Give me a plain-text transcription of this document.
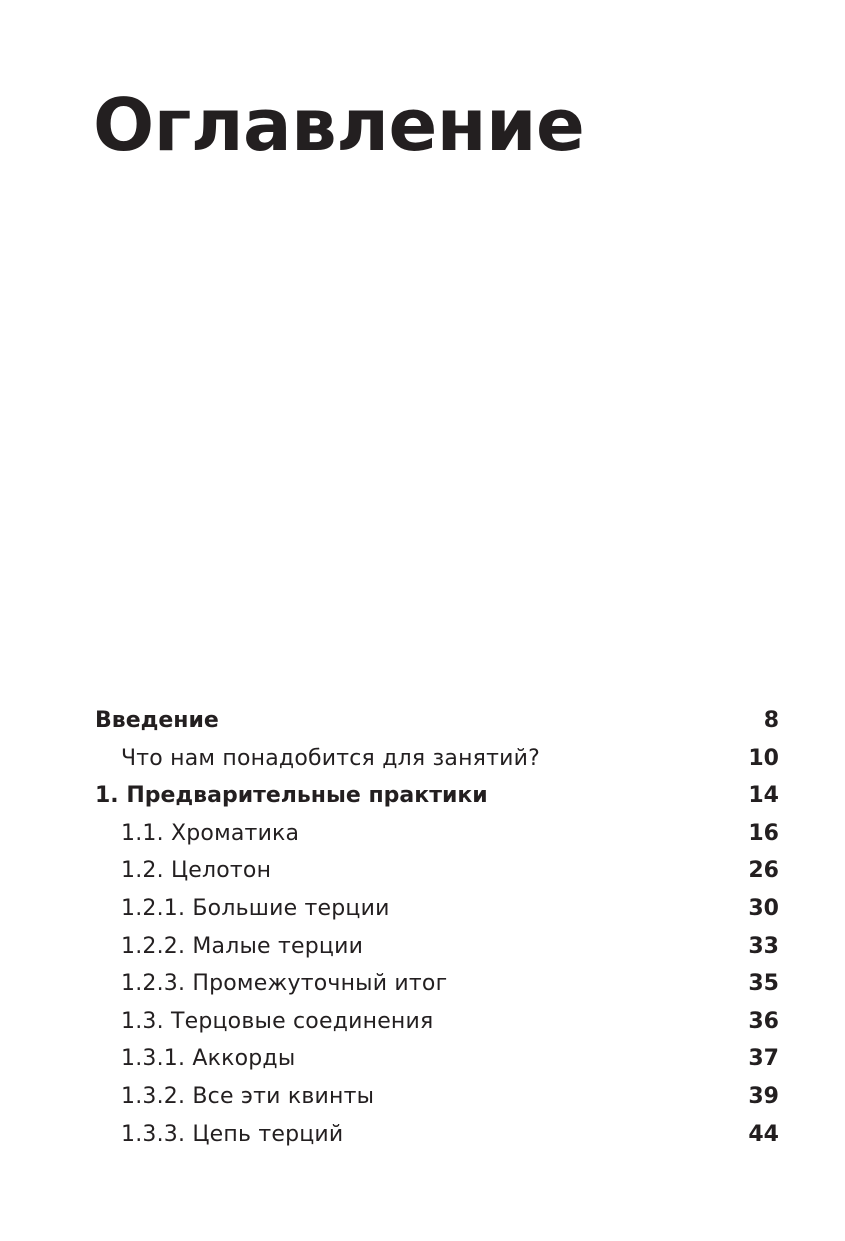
Оглавление
Введение	8
Что нам понадобится для занятий?	10
1. Предварительные практики	14
1.1. Хроматика	16
1.2. Целотон	26
1.2.1. Большие терции	30
1.2.2. Малые терции	33
1.2.3. Промежуточный итог	35
1.3. Терцовые соединения	36
1.3.1. Аккорды	37
1.3.2. Все эти квинты	39
1.3.3. Цепь терций	44
